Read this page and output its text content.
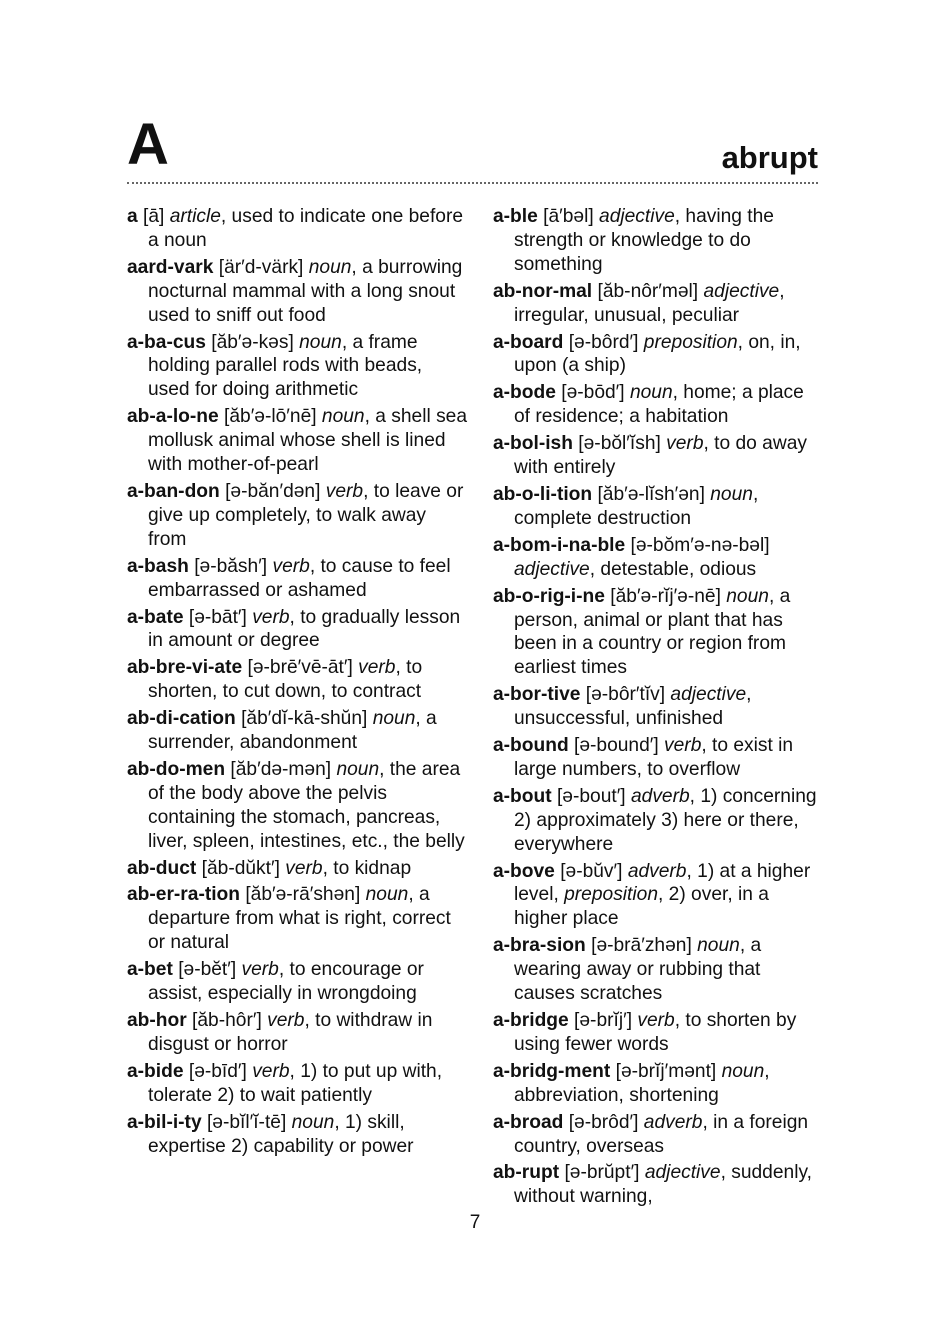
A	abrupt
a [ā] article, used to indicate one before a noun
aard-vark [är′d-värk] noun, a burrowing nocturnal mammal with a long snout used to sniff out food
a-ba-cus [ăb′ə-kəs] noun, a frame holding parallel rods with beads, used for doing arithmetic
ab-a-lo-ne [ăb′ə-lō′nē] noun, a shell sea mollusk animal whose shell is lined with mother-of-pearl
a-ban-don [ə-băn′dən] verb, to leave or give up completely, to walk away from
a-bash [ə-băsh′] verb, to cause to feel embarrassed or ashamed
a-bate [ə-bāt′] verb, to gradually lesson in amount or degree
ab-bre-vi-ate [ə-brē′vē-āt′] verb, to shorten, to cut down, to contract
ab-di-cation [ăb′dĭ-kā-shŭn] noun, a surrender, abandonment
ab-do-men [ăb′də-mən] noun, the area of the body above the pelvis containing the stomach, pancreas, liver, spleen, intestines, etc., the belly
ab-duct [ăb-dŭkt′] verb, to kidnap
ab-er-ra-tion [ăb′ə-rā′shən] noun, a departure from what is right, correct or natural
a-bet [ə-bĕt′] verb, to encourage or assist, especially in wrongdoing
ab-hor [ăb-hôr′] verb, to withdraw in disgust or horror
a-bide [ə-bīd′] verb, 1) to put up with, tolerate 2) to wait patiently
a-bil-i-ty [ə-bĭl′ĭ-tē] noun, 1) skill, expertise 2) capability or power
a-ble [ā′bəl] adjective, having the strength or knowledge to do something
ab-nor-mal [ăb-nôr′məl] adjective, irregular, unusual, peculiar
a-board [ə-bôrd′] preposition, on, in, upon (a ship)
a-bode [ə-bōd′] noun, home; a place of residence; a habitation
a-bol-ish [ə-bŏl′ĭsh] verb, to do away with entirely
ab-o-li-tion [ăb′ə-lĭsh′ən] noun, complete destruction
a-bom-i-na-ble [ə-bŏm′ə-nə-bəl] adjective, detestable, odious
ab-o-rig-i-ne [ăb′ə-rĭj′ə-nē] noun, a person, animal or plant that has been in a country or region from earliest times
a-bor-tive [ə-bôr′tĭv] adjective, unsuccessful, unfinished
a-bound [ə-bound′] verb, to exist in large numbers, to overflow
a-bout [ə-bout′] adverb, 1) concerning 2) approximately 3) here or there, everywhere
a-bove [ə-bŭv′] adverb, 1) at a higher level, preposition, 2) over, in a higher place
a-bra-sion [ə-brā′zhən] noun, a wearing away or rubbing that causes scratches
a-bridge [ə-brĭj′] verb, to shorten by using fewer words
a-bridg-ment [ə-brĭj′mənt] noun, abbreviation, shortening
a-broad [ə-brôd′] adverb, in a foreign country, overseas
ab-rupt [ə-brŭpt′] adjective, suddenly, without warning,
7
